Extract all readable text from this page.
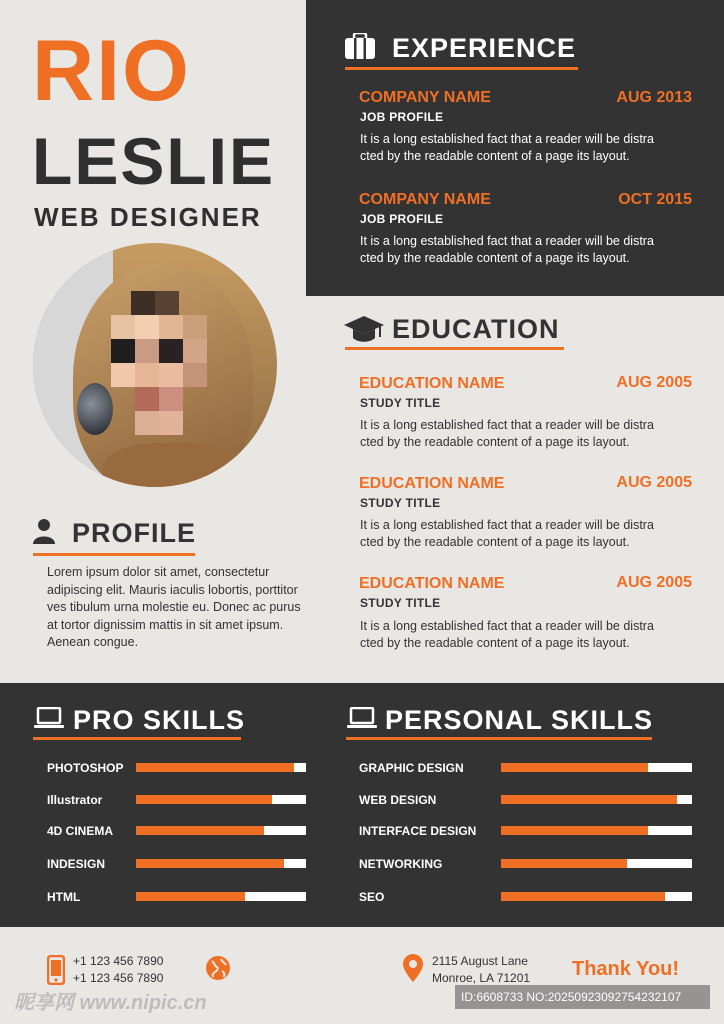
RIO
LESLIE
WEB DESIGNER
PROFILE
Lorem ipsum dolor sit amet, consectetur adipiscing elit. Mauris iaculis lobortis, porttitor ves tibulum urna molestie eu. Donec ac purus at tortor dignissim mattis in sit amet ipsum. Aenean congue.
EXPERIENCE
COMPANY NAME	AUG 2013
JOB PROFILE
It is a long established fact that a reader will be distra
cted by the readable content of a page its layout.
COMPANY NAME	OCT 2015
JOB PROFILE
It is a long established fact that a reader will be distra
cted by the readable content of a page its layout.
EDUCATION
EDUCATION NAME	AUG 2005
STUDY TITLE
It is a long established fact that a reader will be distra
cted by the readable content of a page its layout.
EDUCATION NAME	AUG 2005
STUDY TITLE
It is a long established fact that a reader will be distra
cted by the readable content of a page its layout.
EDUCATION NAME	AUG 2005
STUDY TITLE
It is a long established fact that a reader will be distra
cted by the readable content of a page its layout.
PRO SKILLS	PERSONAL SKILLS
PHOTOSHOP
Illustrator
4D CINEMA
INDESIGN
HTML
GRAPHIC DESIGN
WEB DESIGN
INTERFACE DESIGN
NETWORKING
SEO
+1 123 456 7890
+1 123 456 7890
2115 August Lane
Monroe, LA 71201 Thank You!
昵享网 www.nipic.cn	ID:6608733 NO:20250923092754232107
